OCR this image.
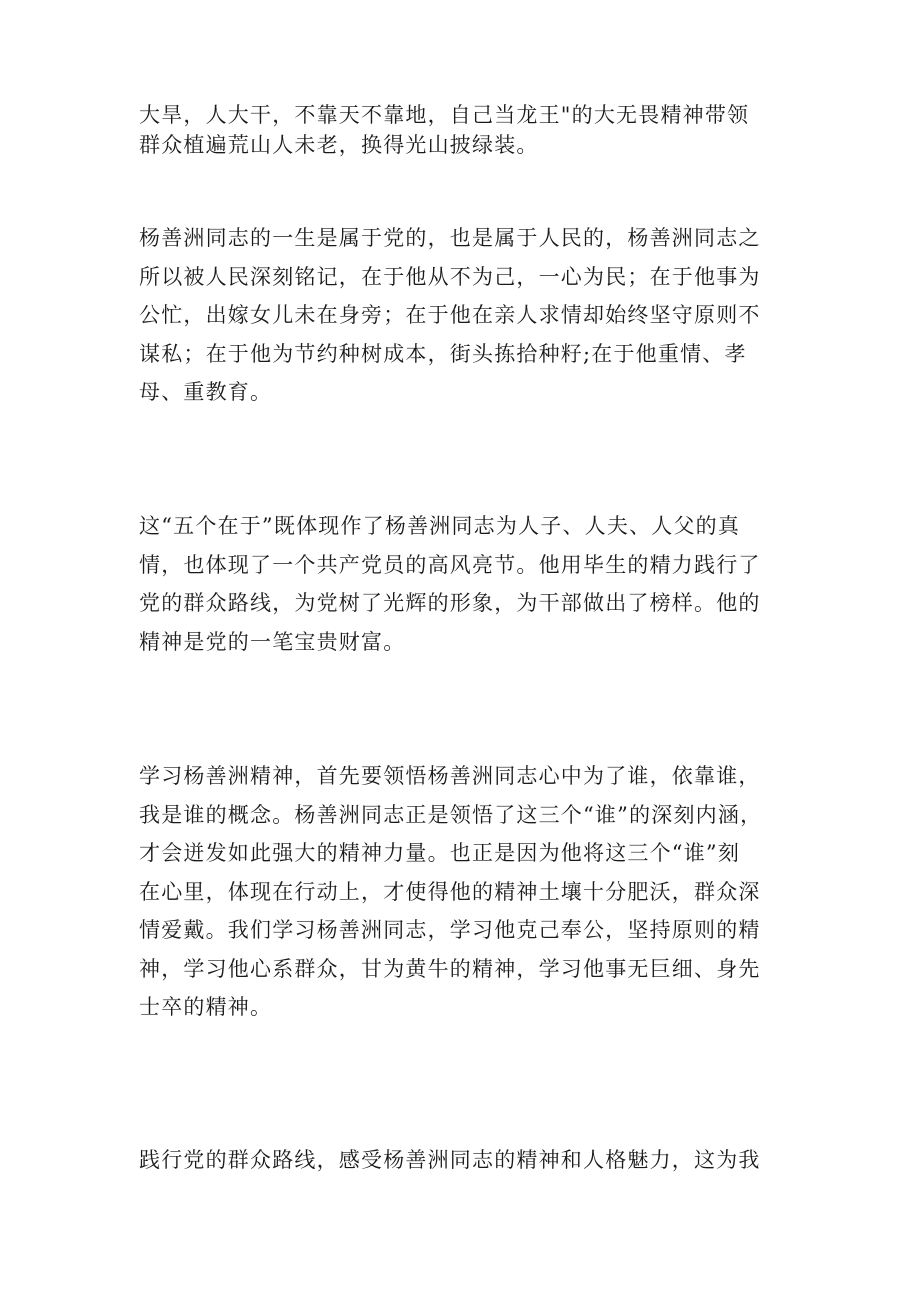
大旱，人大干，不靠天不靠地，自己当龙王"的大无畏精神带领
群众植遍荒山人未老，换得光山披绿装。

杨善洲同志的一生是属于党的，也是属于人民的，杨善洲同志之
所以被人民深刻铭记，在于他从不为己，一心为民；在于他事为
公忙，出嫁女儿未在身旁；在于他在亲人求情却始终坚守原则不
谋私；在于他为节约种树成本，街头拣拾种籽;在于他重情、孝
母、重教育。

这“五个在于”既体现作了杨善洲同志为人子、人夫、人父的真
情，也体现了一个共产党员的高风亮节。他用毕生的精力践行了
党的群众路线，为党树了光辉的形象，为干部做出了榜样。他的
精神是党的一笔宝贵财富。

学习杨善洲精神，首先要领悟杨善洲同志心中为了谁，依靠谁，
我是谁的概念。杨善洲同志正是领悟了这三个“谁”的深刻内涵，
才会迸发如此强大的精神力量。也正是因为他将这三个“谁”刻
在心里，体现在行动上，才使得他的精神土壤十分肥沃，群众深
情爱戴。我们学习杨善洲同志，学习他克己奉公，坚持原则的精
神，学习他心系群众，甘为黄牛的精神，学习他事无巨细、身先
士卒的精神。

践行党的群众路线，感受杨善洲同志的精神和人格魅力，这为我
